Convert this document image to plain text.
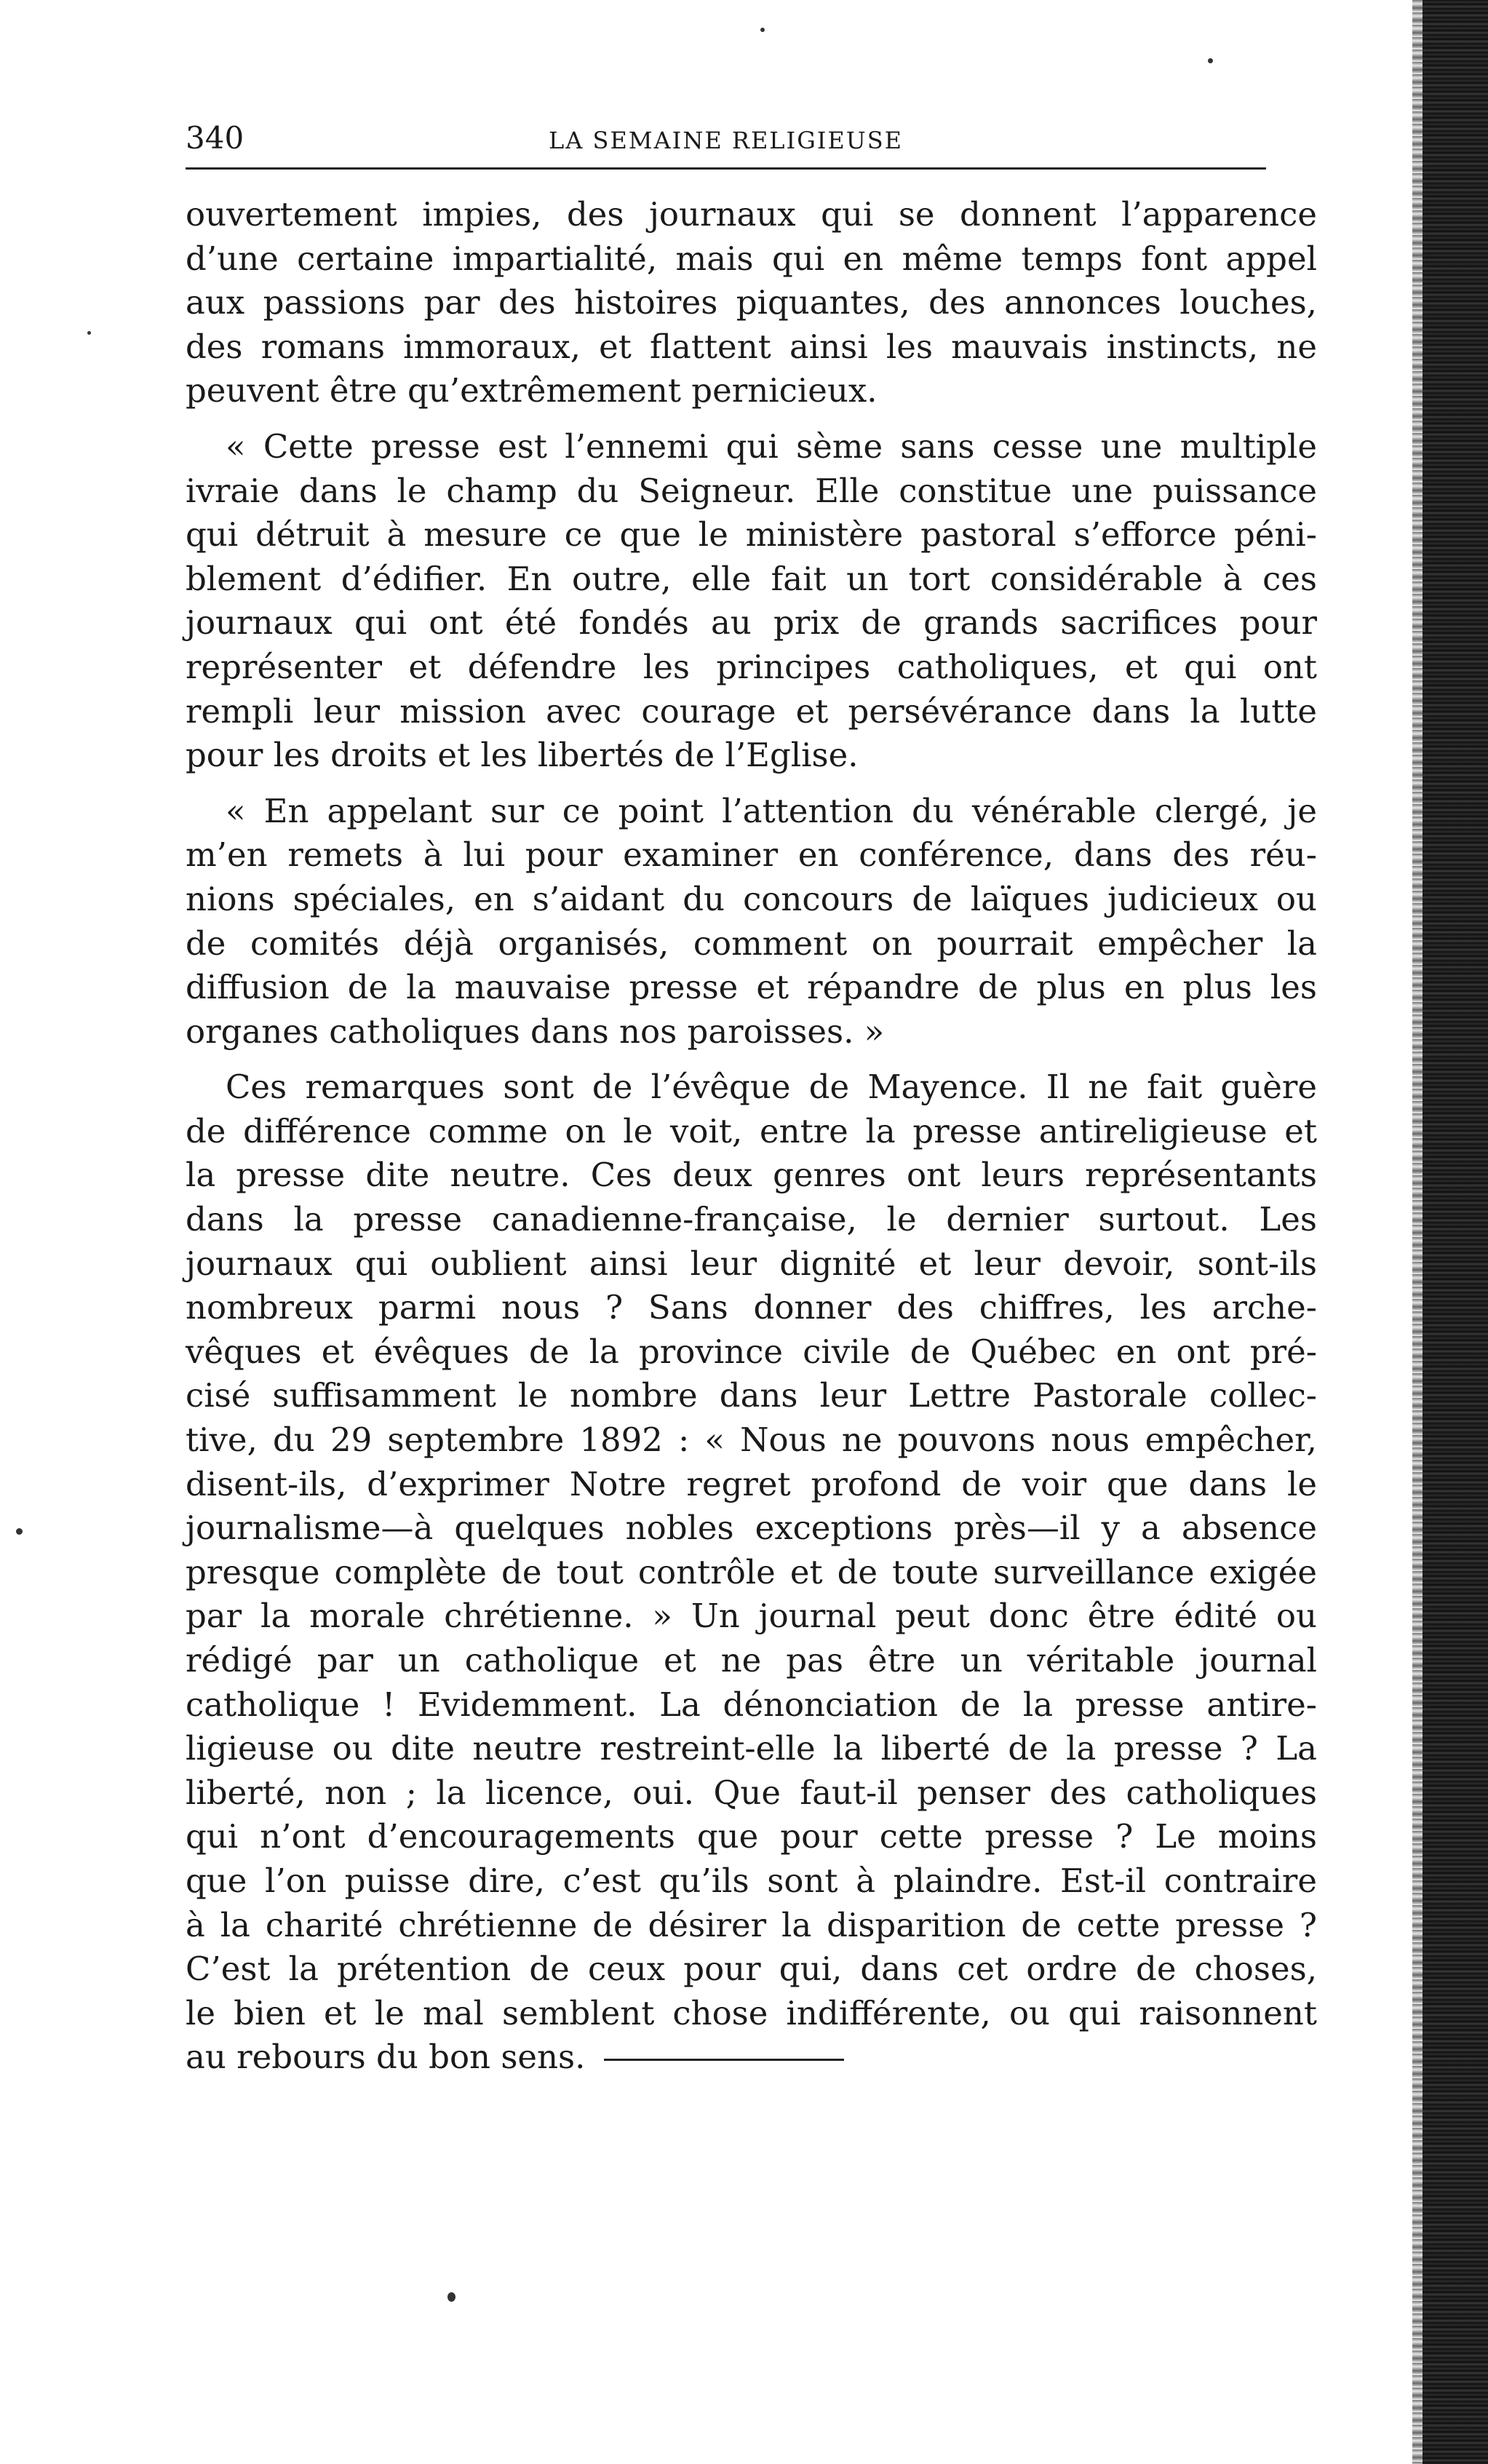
340	LA SEMAINE RELIGIEUSE
ouvertement impies, des journaux qui se donnent l’apparence
d’une certaine impartialité, mais qui en même temps font appel
aux passions par des histoires piquantes, des annonces louches,
des romans immoraux, et flattent ainsi les mauvais instincts, ne
peuvent être qu’extrêmement pernicieux.
« Cette presse est l’ennemi qui sème sans cesse une multiple
ivraie dans le champ du Seigneur. Elle constitue une puissance
qui détruit à mesure ce que le ministère pastoral s’efforce péni-
blement d’édifier. En outre, elle fait un tort considérable à ces
journaux qui ont été fondés au prix de grands sacrifices pour
représenter et défendre les principes catholiques, et qui ont
rempli leur mission avec courage et persévérance dans la lutte
pour les droits et les libertés de l’Eglise.
« En appelant sur ce point l’attention du vénérable clergé, je
m’en remets à lui pour examiner en conférence, dans des réu-
nions spéciales, en s’aidant du concours de laïques judicieux ou
de comités déjà organisés, comment on pourrait empêcher la
diffusion de la mauvaise presse et répandre de plus en plus les
organes catholiques dans nos paroisses. »
Ces remarques sont de l’évêque de Mayence. Il ne fait guère
de différence comme on le voit, entre la presse antireligieuse et
la presse dite neutre. Ces deux genres ont leurs représentants
dans la presse canadienne-française, le dernier surtout. Les
journaux qui oublient ainsi leur dignité et leur devoir, sont-ils
nombreux parmi nous ? Sans donner des chiffres, les arche-
vêques et évêques de la province civile de Québec en ont pré-
cisé suffisamment le nombre dans leur Lettre Pastorale collec-
tive, du 29 septembre 1892 : « Nous ne pouvons nous empêcher,
disent-ils, d’exprimer Notre regret profond de voir que dans le
journalisme—à quelques nobles exceptions près—il y a absence
presque complète de tout contrôle et de toute surveillance exigée
par la morale chrétienne. » Un journal peut donc être édité ou
rédigé par un catholique et ne pas être un véritable journal
catholique ! Evidemment. La dénonciation de la presse antire-
ligieuse ou dite neutre restreint-elle la liberté de la presse ? La
liberté, non ; la licence, oui. Que faut-il penser des catholiques
qui n’ont d’encouragements que pour cette presse ? Le moins
que l’on puisse dire, c’est qu’ils sont à plaindre. Est-il contraire
à la charité chrétienne de désirer la disparition de cette presse ?
C’est la prétention de ceux pour qui, dans cet ordre de choses,
le bien et le mal semblent chose indifférente, ou qui raisonnent
au rebours du bon sens.
